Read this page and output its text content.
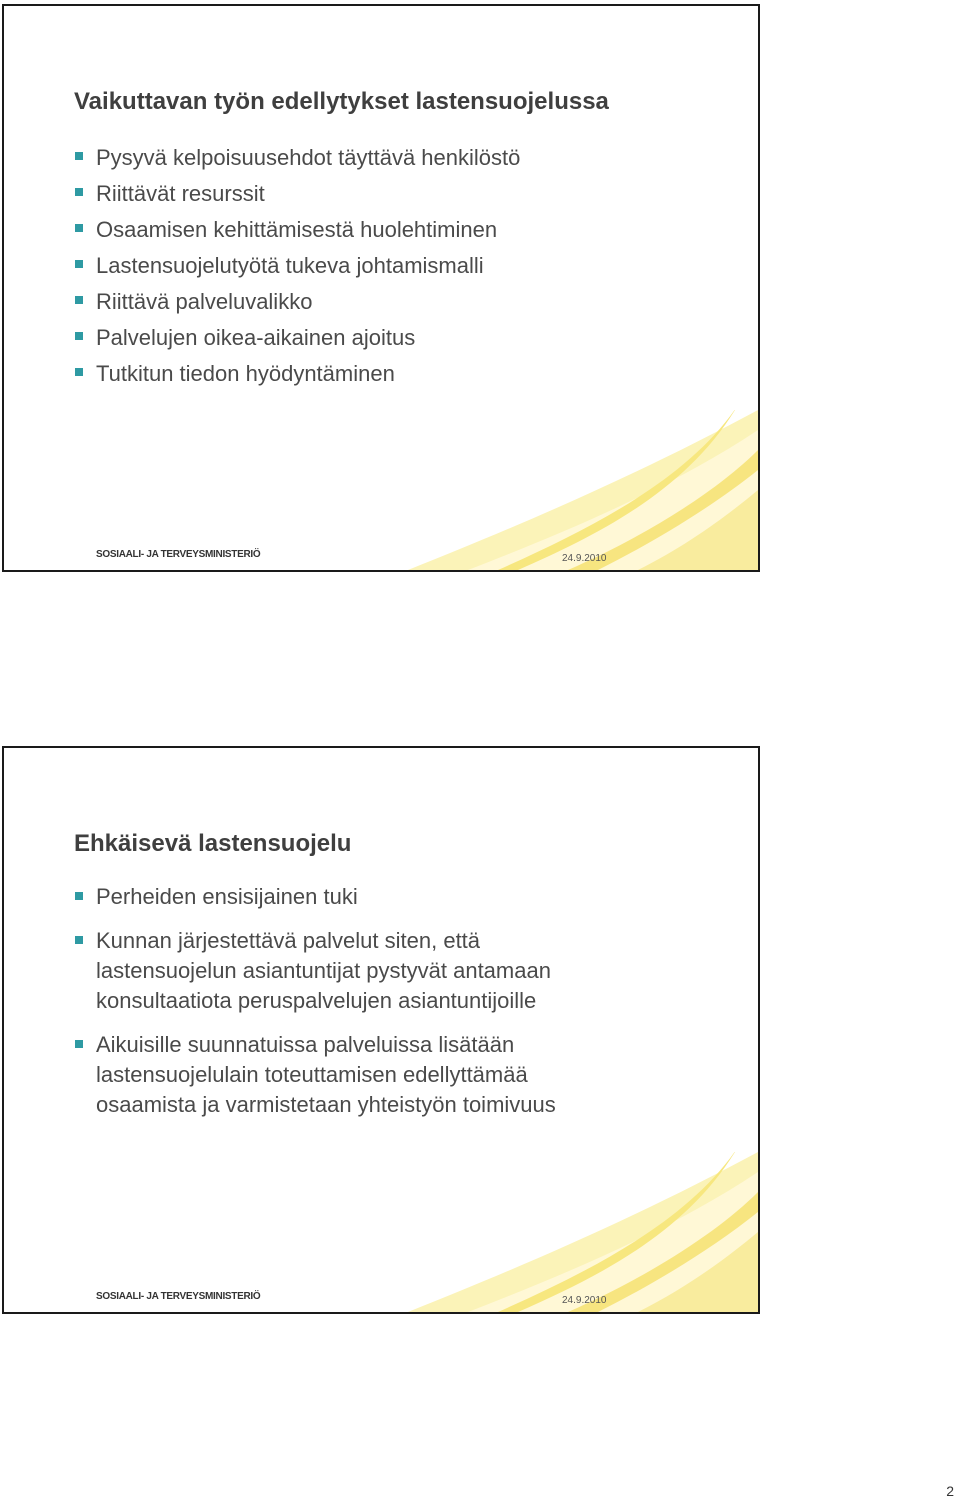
Vaikuttavan työn edellytykset lastensuojelussa
Pysyvä kelpoisuusehdot täyttävä henkilöstö
Riittävät resurssit
Osaamisen kehittämisestä huolehtiminen
Lastensuojelutyötä tukeva johtamismalli
Riittävä palveluvalikko
Palvelujen oikea-aikainen ajoitus
Tutkitun tiedon hyödyntäminen
SOSIAALI- JA TERVEYSMINISTERIÖ	24.9.2010
Ehkäisevä lastensuojelu
Perheiden ensisijainen tuki
Kunnan järjestettävä palvelut siten, että
lastensuojelun asiantuntijat pystyvät antamaan
konsultaatiota peruspalvelujen asiantuntijoille
Aikuisille suunnatuissa palveluissa lisätään
lastensuojelulain toteuttamisen edellyttämää
osaamista ja varmistetaan yhteistyön toimivuus
SOSIAALI- JA TERVEYSMINISTERIÖ	24.9.2010
2
